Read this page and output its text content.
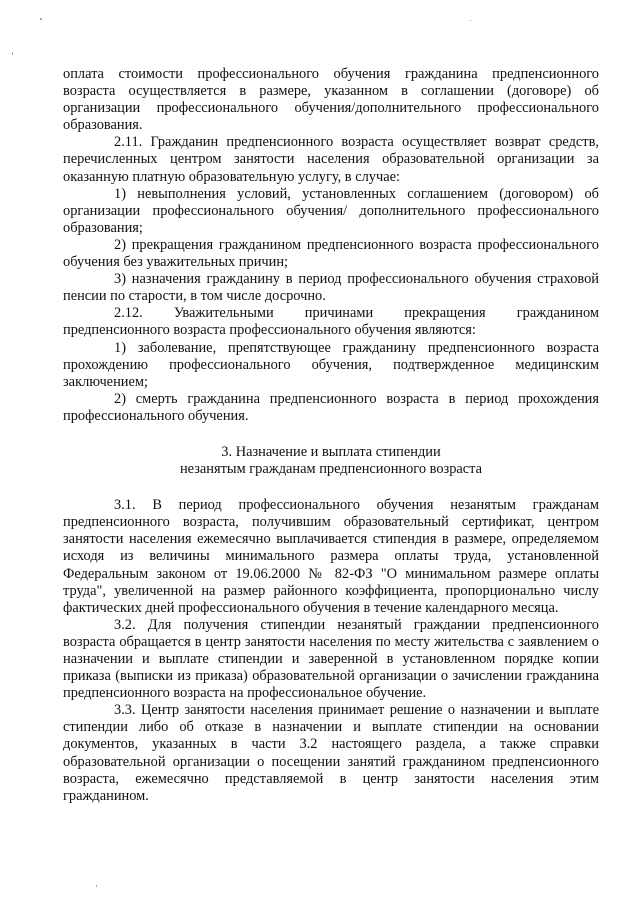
оплата стоимости профессионального обучения гражданина предпенсионного возраста осуществляется в размере, указанном в соглашении (договоре) об организации профессионального обучения/дополнительного профессионального образования.

2.11. Гражданин предпенсионного возраста осуществляет возврат средств, перечисленных центром занятости населения образовательной организации за оказанную платную образовательную услугу, в случае:

1) невыполнения условий, установленных соглашением (договором) об организации профессионального обучения/ дополнительного профессионального образования;

2) прекращения гражданином предпенсионного возраста профессионального обучения без уважительных причин;

3) назначения гражданину в период профессионального обучения страховой пенсии по старости, в том числе досрочно.

2.12. Уважительными причинами прекращения гражданином предпенсионного возраста профессионального обучения являются:

1) заболевание, препятствующее гражданину предпенсионного возраста прохождению профессионального обучения, подтвержденное медицинским заключением;

2) смерть гражданина предпенсионного возраста в период прохождения профессионального обучения.

3. Назначение и выплата стипендии
незанятым гражданам предпенсионного возраста

3.1. В период профессионального обучения незанятым гражданам предпенсионного возраста, получившим образовательный сертификат, центром занятости населения ежемесячно выплачивается стипендия в размере, определяемом исходя из величины минимального размера оплаты труда, установленной Федеральным законом от 19.06.2000 № 82-ФЗ "О минимальном размере оплаты труда", увеличенной на размер районного коэффициента, пропорционально числу фактических дней профессионального обучения в течение календарного месяца.

3.2. Для получения стипендии незанятый граждании предпенсионного возраста обращается в центр занятости населения по месту жительства с заявлением о назначении и выплате стипендии и заверенной в установленном порядке копии приказа (выписки из приказа) образовательной организации о зачислении гражданина предпенсионного возраста на профессиональное обучение.

3.3. Центр занятости населения принимает решение о назначении и выплате стипендии либо об отказе в назначении и выплате стипендии на основании документов, указанных в части 3.2 настоящего раздела, а также справки образовательной организации о посещении занятий гражданином предпенсионного возраста, ежемесячно представляемой в центр занятости населения этим гражданином.
